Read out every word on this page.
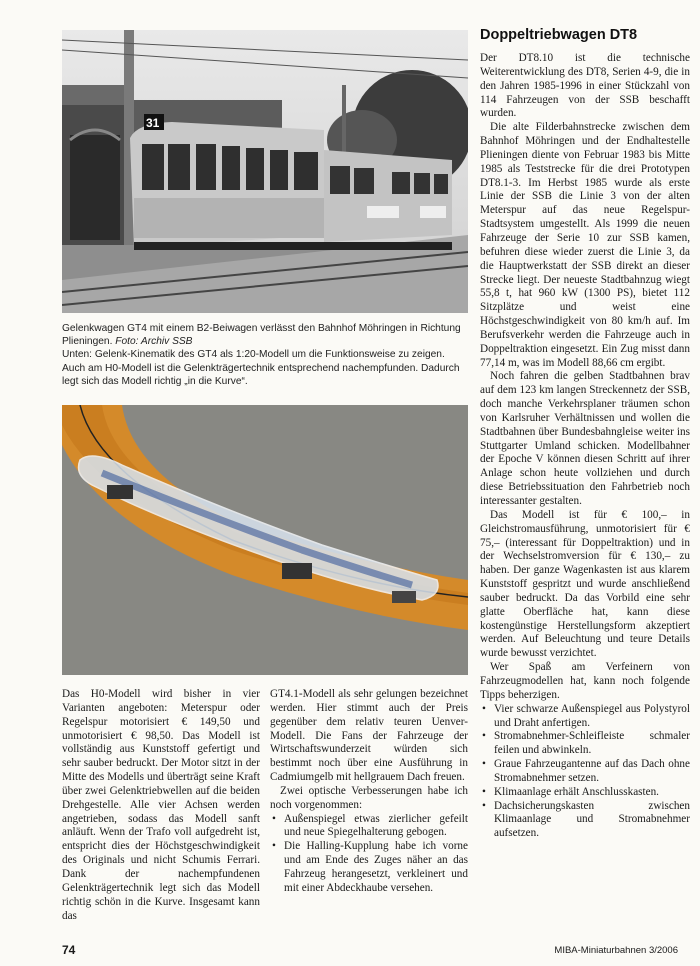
31

Gelenkwagen GT4 mit einem B2-Beiwagen verlässt den Bahnhof Möhringen in Richtung Plieningen. Foto: Archiv SSB

Unten: Gelenk-Kinematik des GT4 als 1:20-Modell um die Funktionsweise zu zeigen.

Auch am H0-Modell ist die Gelenkträgertechnik entsprechend nachempfunden. Dadurch legt sich das Modell richtig „in die Kurve“.

Doppeltriebwagen DT8

Der DT8.10 ist die technische Weiterentwicklung des DT8, Serien 4-9, die in den Jahren 1985-1996 in einer Stückzahl von 114 Fahrzeugen von der SSB beschafft wurden.

Die alte Filderbahnstrecke zwischen dem Bahnhof Möhringen und der Endhaltestelle Plieningen diente von Februar 1983 bis Mitte 1985 als Teststrecke für die drei Prototypen DT8.1-3. Im Herbst 1985 wurde als erste Linie der SSB die Linie 3 von der alten Meterspur auf das neue Regelspur-Stadtsystem umgestellt. Als 1999 die neuen Fahrzeuge der Serie 10 zur SSB kamen, befuhren diese wieder zuerst die Linie 3, da die Hauptwerkstatt der SSB direkt an dieser Strecke liegt. Der neueste Stadtbahnzug wiegt 55,8 t, hat 960 kW (1300 PS), bietet 112 Sitzplätze und weist eine Höchstgeschwindigkeit von 80 km/h auf. Im Berufsverkehr werden die Fahrzeuge auch in Doppeltraktion eingesetzt. Ein Zug misst dann 77,14 m, was im Modell 88,66 cm ergibt.

Noch fahren die gelben Stadtbahnen brav auf dem 123 km langen Streckennetz der SSB, doch manche Verkehrsplaner träumen schon von Karlsruher Verhältnissen und wollen die Stadtbahnen über Bundesbahngleise weiter ins Stuttgarter Umland schicken. Modellbahner der Epoche V können diesen Schritt auf ihrer Anlage schon heute vollziehen und durch diese Betriebssituation den Fahrbetrieb noch interessanter gestalten.

Das Modell ist für € 100,– in Gleichstromausführung, unmotorisiert für € 75,– (interessant für Doppeltraktion) und in der Wechselstromversion für € 130,– zu haben. Der ganze Wagenkasten ist aus klarem Kunststoff gespritzt und wurde anschließend sauber bedruckt. Da das Vorbild eine sehr glatte Oberfläche hat, kann diese kostengünstige Herstellungsform akzeptiert werden. Auf Beleuchtung und teure Details wurde bewusst verzichtet.

Wer Spaß am Verfeinern von Fahrzeugmodellen hat, kann noch folgende Tipps beherzigen.

• Vier schwarze Außenspiegel aus Polystyrol und Draht anfertigen.
• Stromabnehmer-Schleifleiste schmaler feilen und abwinkeln.
• Graue Fahrzeugantenne auf das Dach ohne Stromabnehmer setzen.
• Klimaanlage erhält Anschlusskasten.
• Dachsicherungskasten zwischen Klimaanlage und Stromabnehmer aufsetzen.

Das H0-Modell wird bisher in vier Varianten angeboten: Meterspur oder Regelspur motorisiert € 149,50 und unmotorisiert € 98,50. Das Modell ist vollständig aus Kunststoff gefertigt und sehr sauber bedruckt. Der Motor sitzt in der Mitte des Modells und überträgt seine Kraft über zwei Gelenktriebwellen auf die beiden Drehgestelle. Alle vier Achsen werden angetrieben, sodass das Modell sanft anläuft. Wenn der Trafo voll aufgedreht ist, entspricht dies der Höchstgeschwindigkeit des Originals und nicht Schumis Ferrari. Dank der nachempfundenen Gelenkträgertechnik legt sich das Modell richtig schön in die Kurve. Insgesamt kann das

GT4.1-Modell als sehr gelungen bezeichnet werden. Hier stimmt auch der Preis gegenüber dem relativ teuren Uenver-Modell. Die Fans der Fahrzeuge der Wirtschaftswunderzeit würden sich bestimmt noch über eine Ausführung in Cadmiumgelb mit hellgrauem Dach freuen.

Zwei optische Verbesserungen habe ich noch vorgenommen:

• Außenspiegel etwas zierlicher gefeilt und neue Spiegelhalterung gebogen.
• Die Halling-Kupplung habe ich vorne und am Ende des Zuges näher an das Fahrzeug herangesetzt, verkleinert und mit einer Abdeckhaube versehen.
74	MIBA-Miniaturbahnen 3/2006
